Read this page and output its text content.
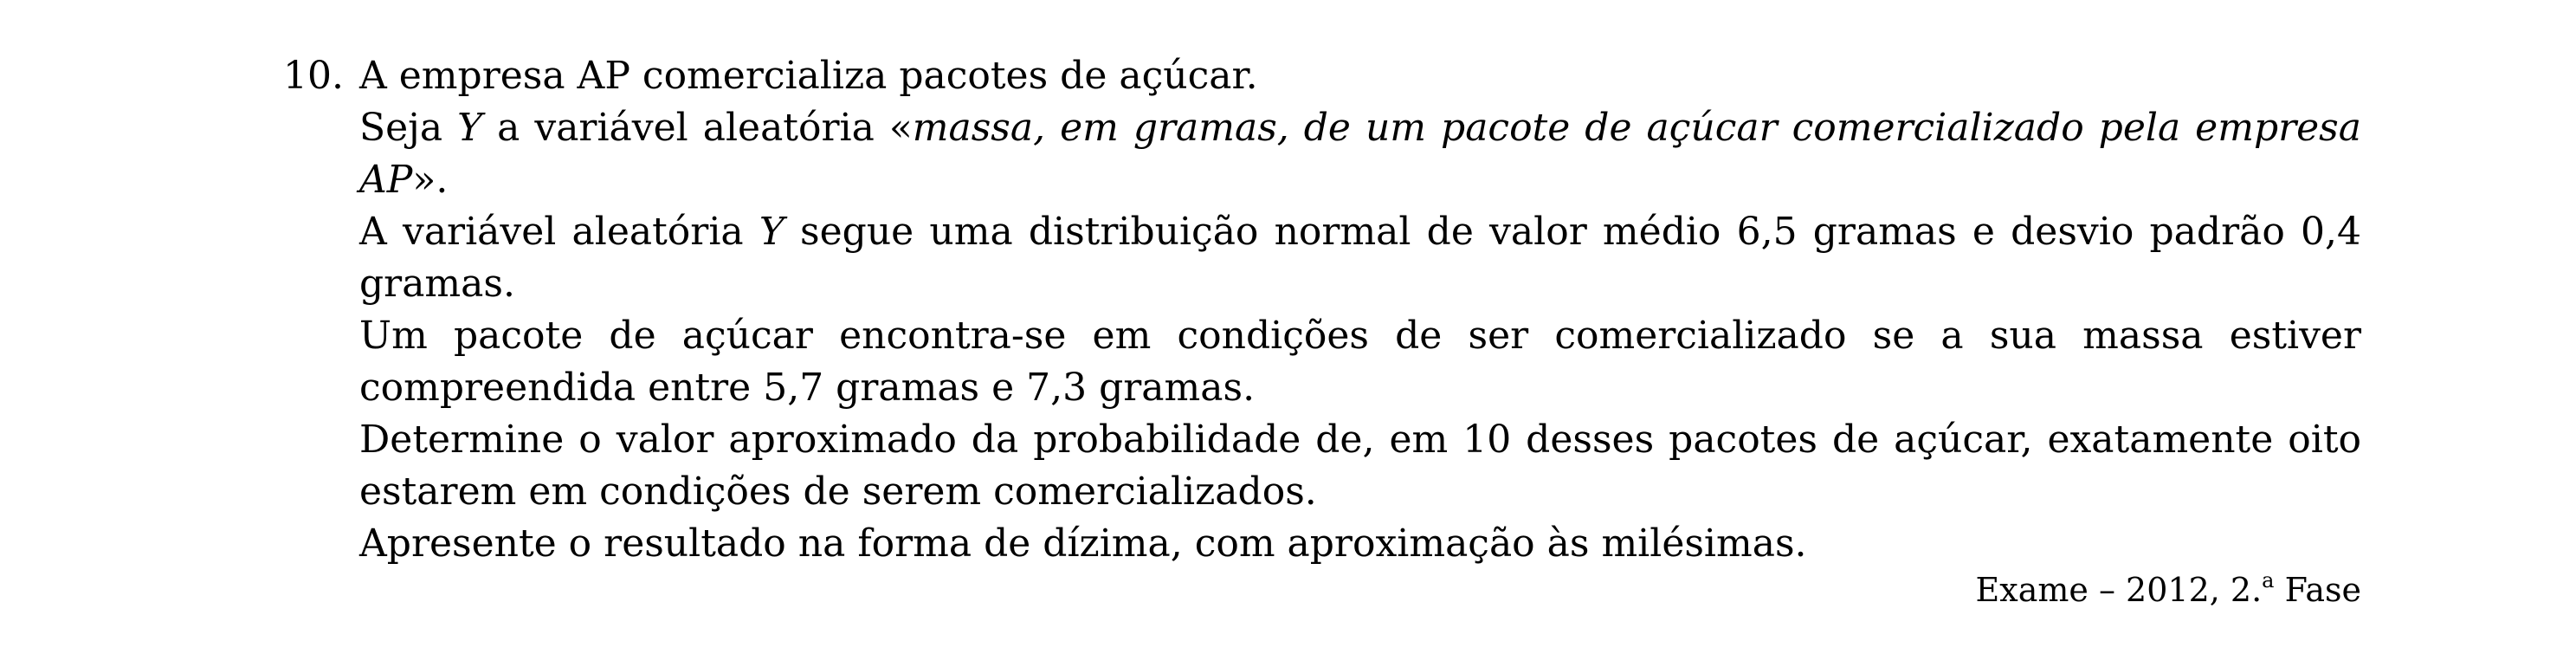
10. A empresa AP comercializa pacotes de açúcar.

Seja Y a variável aleatória «massa, em gramas, de um pacote de açúcar comercializado pela empresa AP».

A variável aleatória Y segue uma distribuição normal de valor médio 6,5 gramas e desvio padrão 0,4 gramas.

Um pacote de açúcar encontra-se em condições de ser comercializado se a sua massa estiver compreendida entre 5,7 gramas e 7,3 gramas.

Determine o valor aproximado da probabilidade de, em 10 desses pacotes de açúcar, exatamente oito estarem em condições de serem comercializados.

Apresente o resultado na forma de dízima, com aproximação às milésimas.

Exame – 2012, 2.$^a$ Fase
